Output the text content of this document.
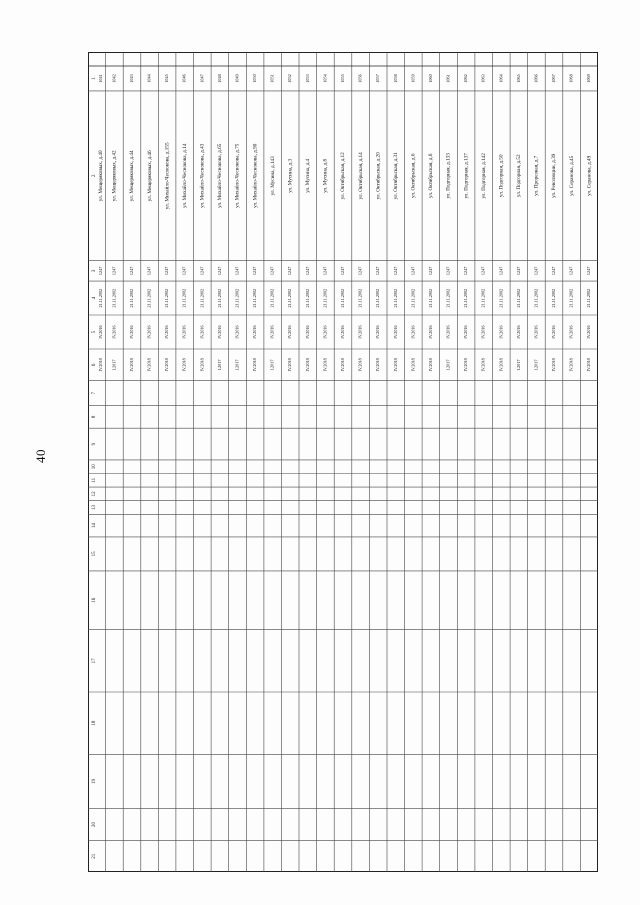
40
1
2
3
4
5
6
7
8
9
10
11
12
13
14
15
16
17
18
19
20
21
1041
ул. Мещеряковых, д.40
1247
21.11.2002
IV.2016
IV.2018
1042
ул. Мещеряковых, д.42
1247
21.11.2002
IV.2016
I.2017
1043
ул. Мещеряковых, д.44
1247
21.11.2002
IV.2016
IV.2018
1044
ул. Мещеряковых, д.46
1247
21.11.2002
IV.2016
IV.2018
1045
ул. Михайло-Чеснокова, д.155
1247
21.11.2002
IV.2016
IV.2018
1046
ул. Михайло-Чеснокова, д.14
1247
21.11.2002
IV.2016
IV.2018
1047
ул. Михайло-Чеснокова, д.43
1247
21.11.2002
IV.2016
IV.2018
1048
ул. Михайло-Чеснокова, д.65
1247
21.11.2002
IV.2016
I.2017
1049
ул. Михайло-Чеснокова, д.75
1247
21.11.2002
IV.2016
I.2017
1050
ул. Михайло-Чеснокова, д.90
1247
21.11.2002
IV.2016
IV.2018
1051
ул. Мусина, д.143
1247
21.11.2002
IV.2016
I.2017
1052
ул. Мусина, д.3
1247
21.11.2002
IV.2016
IV.2018
1053
ул. Мусина, д.4
1247
21.11.2002
IV.2016
IV.2018
1054
ул. Мусина, д.8
1247
21.11.2002
IV.2016
IV.2018
1055
ул. Октябрьская, д.12
1247
21.11.2002
IV.2016
IV.2018
1056
ул. Октябрьская, д.14
1247
21.11.2002
IV.2016
IV.2018
1057
ул. Октябрьская, д.20
1247
21.11.2002
IV.2016
IV.2018
1058
ул. Октябрьская, д.31
1247
21.11.2002
IV.2016
IV.2018
1059
ул. Октябрьская, д.6
1247
21.11.2002
IV.2016
IV.2018
1060
ул. Октябрьская, д.8
1247
21.11.2002
IV.2016
IV.2018
1061
ул. Подгорная, д.133
1247
21.11.2002
IV.2016
I.2017
1062
ул. Подгорная, д.137
1247
21.11.2002
IV.2016
IV.2018
1063
ул. Подгорная, д.142
1247
21.11.2002
IV.2016
IV.2018
1064
ул. Подгорная, д.50
1247
21.11.2002
IV.2016
IV.2018
1065
ул. Подгорная, д.52
1247
21.11.2002
IV.2016
I.2017
1066
ул. Прорезная, д.7
1247
21.11.2002
IV.2016
I.2017
1067
ул. Революции, д.39
1247
21.11.2002
IV.2016
IV.2018
1068
ул. Серанова, д.45
1247
21.11.2002
IV.2016
IV.2018
1069
ул. Серанова, д.49
1247
21.11.2002
IV.2016
IV.2018
